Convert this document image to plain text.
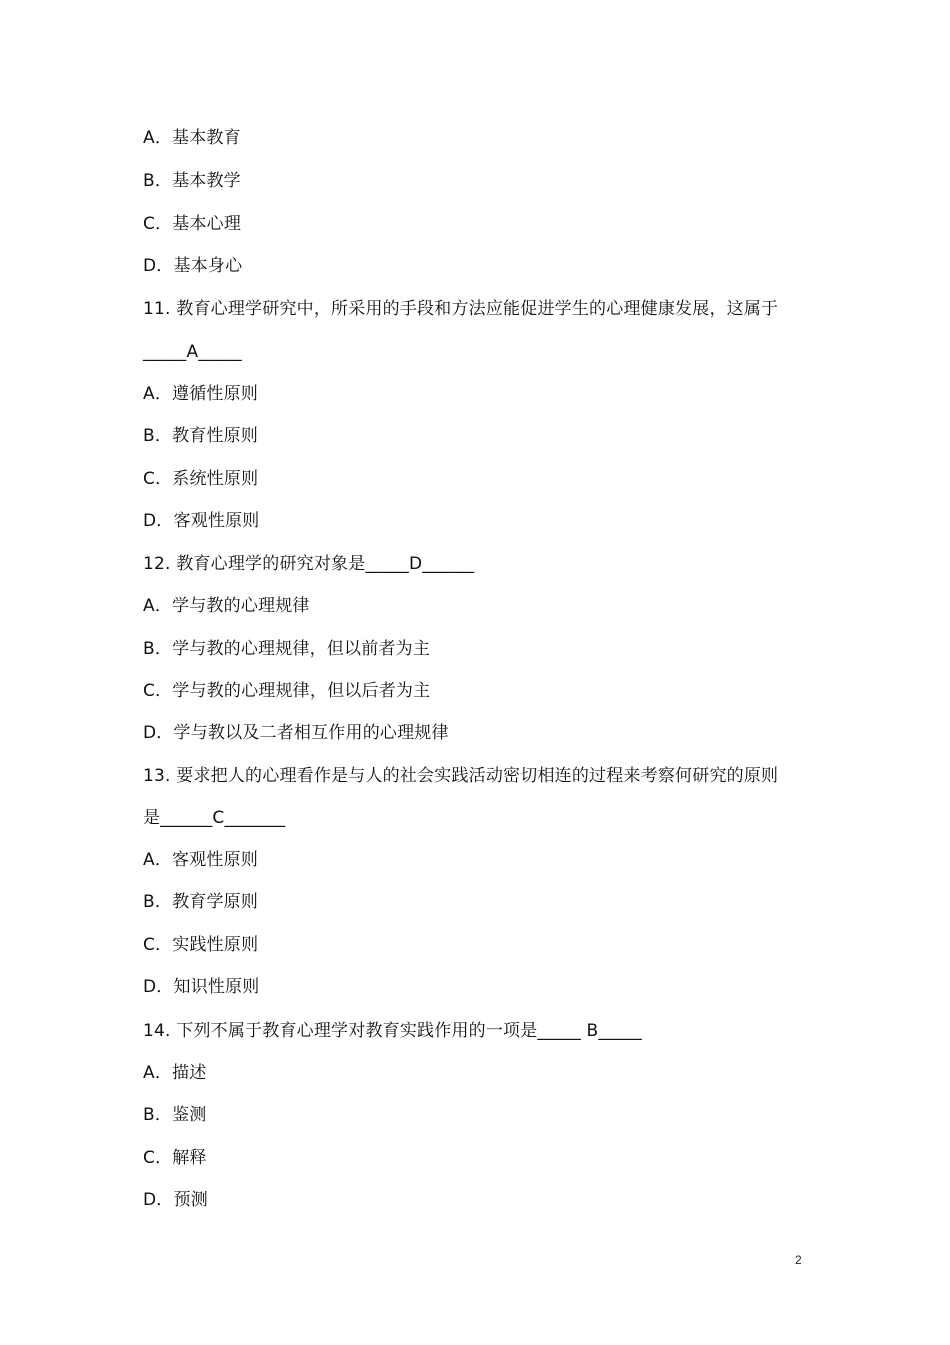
A．基本教育
B．基本教学
C．基本心理
D．基本身心
11. 教育心理学研究中，所采用的手段和方法应能促进学生的心理健康发展，这属于
_____A_____
A．遵循性原则
B．教育性原则
C．系统性原则
D．客观性原则
12. 教育心理学的研究对象是_____D______
A．学与教的心理规律
B．学与教的心理规律，但以前者为主
C．学与教的心理规律，但以后者为主
D．学与教以及二者相互作用的心理规律
13. 要求把人的心理看作是与人的社会实践活动密切相连的过程来考察何研究的原则
是______C_______
A．客观性原则
B．教育学原则
C．实践性原则
D．知识性原则
14. 下列不属于教育心理学对教育实践作用的一项是_____ B_____
A．描述
B．鉴测
C．解释
D．预测
2
